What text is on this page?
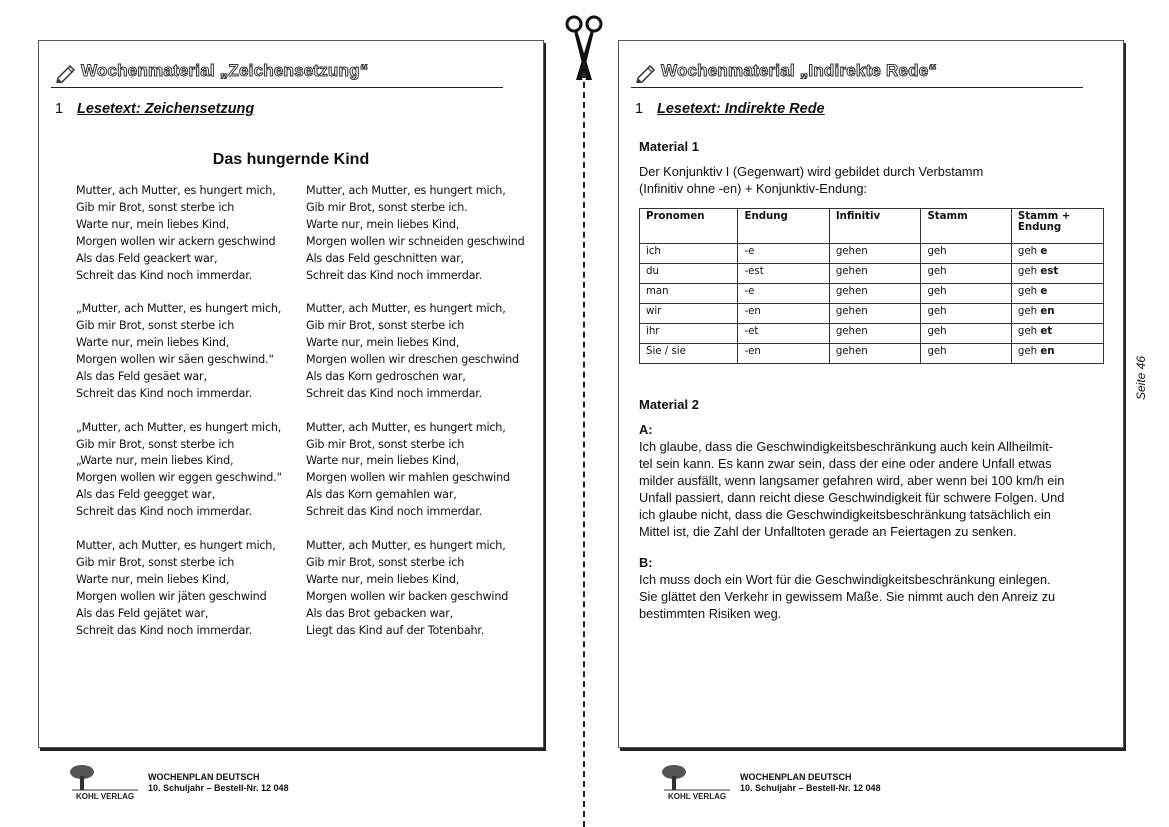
Wochenmaterial „Zeichensetzung“
1 Lesetext: Zeichensetzung
Das hungernde Kind
Mutter, ach Mutter, es hungert mich,
Gib mir Brot, sonst sterbe ich
Warte nur, mein liebes Kind,
Morgen wollen wir ackern geschwind
Als das Feld geackert war,
Schreit das Kind noch immerdar.
„Mutter, ach Mutter, es hungert mich,
Gib mir Brot, sonst sterbe ich
Warte nur, mein liebes Kind,
Morgen wollen wir säen geschwind.“
Als das Feld gesäet war,
Schreit das Kind noch immerdar.
„Mutter, ach Mutter, es hungert mich,
Gib mir Brot, sonst sterbe ich
„Warte nur, mein liebes Kind,
Morgen wollen wir eggen geschwind.“
Als das Feld geegget war,
Schreit das Kind noch immerdar.
Mutter, ach Mutter, es hungert mich,
Gib mir Brot, sonst sterbe ich
Warte nur, mein liebes Kind,
Morgen wollen wir jäten geschwind
Als das Feld gejätet war,
Schreit das Kind noch immerdar.
Mutter, ach Mutter, es hungert mich,
Gib mir Brot, sonst sterbe ich.
Warte nur, mein liebes Kind,
Morgen wollen wir schneiden geschwind
Als das Feld geschnitten war,
Schreit das Kind noch immerdar.
Mutter, ach Mutter, es hungert mich,
Gib mir Brot, sonst sterbe ich
Warte nur, mein liebes Kind,
Morgen wollen wir dreschen geschwind
Als das Korn gedroschen war,
Schreit das Kind noch immerdar.
Mutter, ach Mutter, es hungert mich,
Gib mir Brot, sonst sterbe ich
Warte nur, mein liebes Kind,
Morgen wollen wir mahlen geschwind
Als das Korn gemahlen war,
Schreit das Kind noch immerdar.
Mutter, ach Mutter, es hungert mich,
Gib mir Brot, sonst sterbe ich
Warte nur, mein liebes Kind,
Morgen wollen wir backen geschwind
Als das Brot gebacken war,
Liegt das Kind auf der Totenbahr.
Wochenmaterial „Indirekte Rede“
1 Lesetext: Indirekte Rede
Material 1
Der Konjunktiv I (Gegenwart) wird gebildet durch Verbstamm
(Infinitiv ohne -en) + Konjunktiv-Endung:
Pronomen	Endung	Infinitiv	Stamm	Stamm + Endung
ich	-e	gehen	geh	geh e
du	-est	gehen	geh	geh est
man	-e	gehen	geh	geh e
wir	-en	gehen	geh	geh en
ihr	-et	gehen	geh	geh et
Sie / sie	-en	gehen	geh	geh en
Material 2
A:
Ich glaube, dass die Geschwindigkeitsbeschränkung auch kein Allheilmit-
tel sein kann. Es kann zwar sein, dass der eine oder andere Unfall etwas
milder ausfällt, wenn langsamer gefahren wird, aber wenn bei 100 km/h ein
Unfall passiert, dann reicht diese Geschwindigkeit für schwere Folgen. Und
ich glaube nicht, dass die Geschwindigkeitsbeschränkung tatsächlich ein
Mittel ist, die Zahl der Unfalltoten gerade an Feiertagen zu senken.
B:
Ich muss doch ein Wort für die Geschwindigkeitsbeschränkung einlegen.
Sie glättet den Verkehr in gewissem Maße. Sie nimmt auch den Anreiz zu
bestimmten Risiken weg.
Seite 46
KOHL VERLAG
WOCHENPLAN DEUTSCH
10. Schuljahr – Bestell-Nr. 12 048
KOHL VERLAG
WOCHENPLAN DEUTSCH
10. Schuljahr – Bestell-Nr. 12 048
